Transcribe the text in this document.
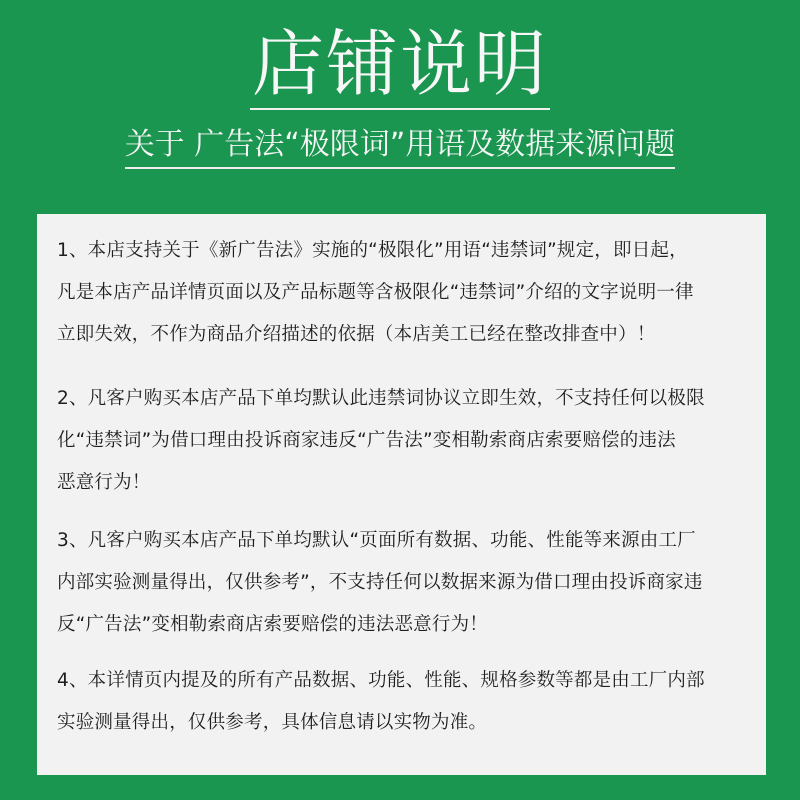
店铺说明
关于 广告法“极限词”用语及数据来源问题
1、本店支持关于《新广告法》实施的“极限化”用语“违禁词”规定，即日起，
凡是本店产品详情页面以及产品标题等含极限化“违禁词”介绍的文字说明一律
立即失效，不作为商品介绍描述的依据（本店美工已经在整改排查中）！
2、凡客户购买本店产品下单均默认此违禁词协议立即生效，不支持任何以极限
化“违禁词”为借口理由投诉商家违反“广告法”变相勒索商店索要赔偿的违法
恶意行为！
3、凡客户购买本店产品下单均默认“页面所有数据、功能、性能等来源由工厂
内部实验测量得出，仅供参考”，不支持任何以数据来源为借口理由投诉商家违
反“广告法”变相勒索商店索要赔偿的违法恶意行为！
4、本详情页内提及的所有产品数据、功能、性能、规格参数等都是由工厂内部
实验测量得出，仅供参考，具体信息请以实物为准。
